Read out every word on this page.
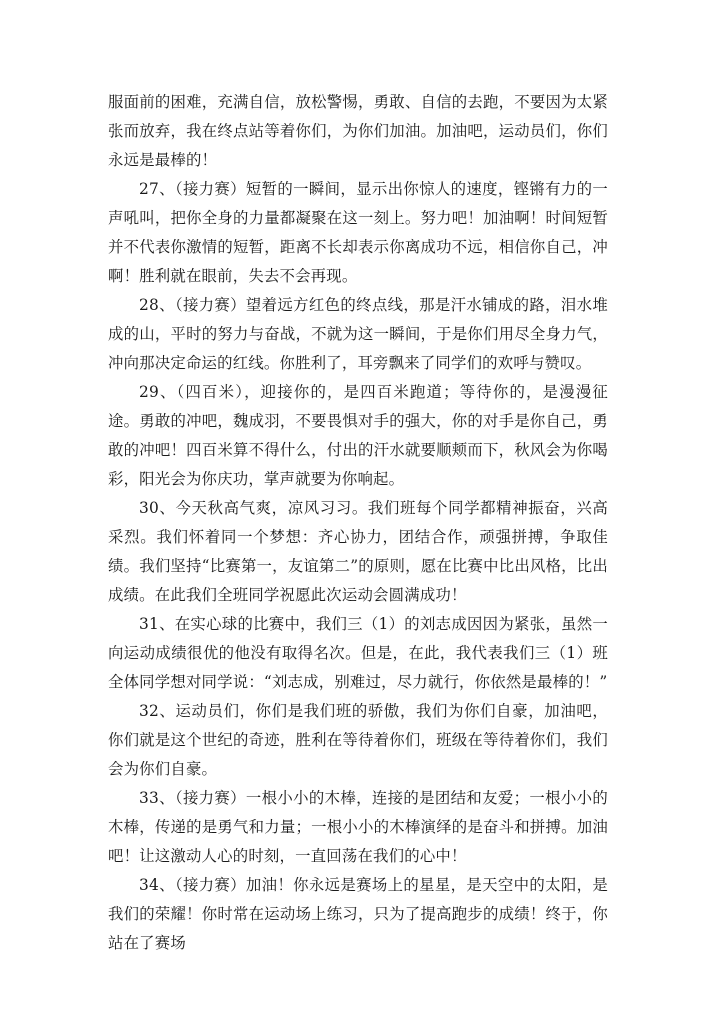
服面前的困难，充满自信，放松警惕，勇敢、自信的去跑，不要因为太紧张而放弃，我在终点站等着你们，为你们加油。加油吧，运动员们，你们永远是最棒的！

27、（接力赛）短暂的一瞬间，显示出你惊人的速度，铿锵有力的一声吼叫，把你全身的力量都凝聚在这一刻上。努力吧！加油啊！时间短暂并不代表你激情的短暂，距离不长却表示你离成功不远，相信你自己，冲啊！胜利就在眼前，失去不会再现。

28、（接力赛）望着远方红色的终点线，那是汗水铺成的路，泪水堆成的山，平时的努力与奋战，不就为这一瞬间，于是你们用尽全身力气，冲向那决定命运的红线。你胜利了，耳旁飘来了同学们的欢呼与赞叹。

29、（四百米），迎接你的，是四百米跑道；等待你的，是漫漫征途。勇敢的冲吧，魏成羽，不要畏惧对手的强大，你的对手是你自己，勇敢的冲吧！四百米算不得什么，付出的汗水就要顺颊而下，秋风会为你喝彩，阳光会为你庆功，掌声就要为你响起。

30、今天秋高气爽，凉风习习。我们班每个同学都精神振奋，兴高采烈。我们怀着同一个梦想：齐心协力，团结合作，顽强拼搏，争取佳绩。我们坚持“比赛第一，友谊第二”的原则，愿在比赛中比出风格，比出成绩。在此我们全班同学祝愿此次运动会圆满成功！

31、在实心球的比赛中，我们三（1）的刘志成因因为紧张，虽然一向运动成绩很优的他没有取得名次。但是，在此，我代表我们三（1）班全体同学想对同学说：“刘志成，别难过，尽力就行，你依然是最棒的！”

32、运动员们，你们是我们班的骄傲，我们为你们自豪，加油吧，你们就是这个世纪的奇迹，胜利在等待着你们，班级在等待着你们，我们会为你们自豪。

33、（接力赛）一根小小的木棒，连接的是团结和友爱；一根小小的木棒，传递的是勇气和力量；一根小小的木棒演绎的是奋斗和拼搏。加油吧！让这激动人心的时刻，一直回荡在我们的心中！

34、（接力赛）加油！你永远是赛场上的星星，是天空中的太阳，是我们的荣耀！你时常在运动场上练习，只为了提高跑步的成绩！终于，你站在了赛场
